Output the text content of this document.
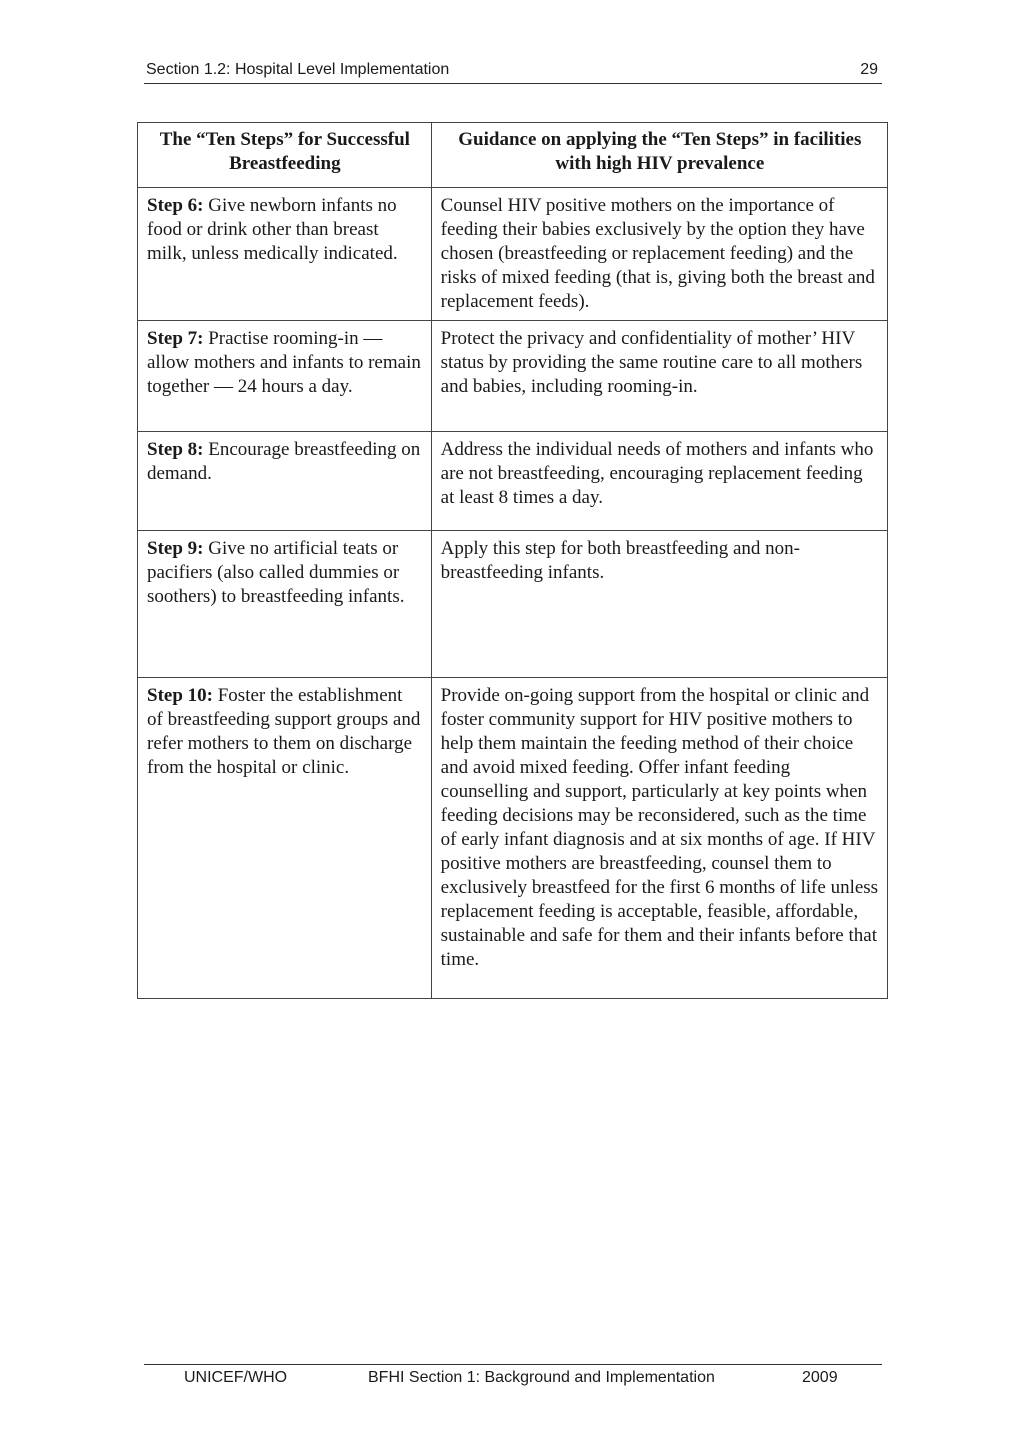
Section 1.2: Hospital Level Implementation	29
The “Ten Steps” for Successful Breastfeeding	Guidance on applying the “Ten Steps” in facilities with high HIV prevalence
Step 6: Give newborn infants no food or drink other than breast milk, unless medically indicated.	Counsel HIV positive mothers on the importance of feeding their babies exclusively by the option they have chosen (breastfeeding or replacement feeding) and the risks of mixed feeding (that is, giving both the breast and replacement feeds).
Step 7: Practise rooming-in — allow mothers and infants to remain together — 24 hours a day.	Protect the privacy and confidentiality of mother’ HIV status by providing the same routine care to all mothers and babies, including rooming-in.
Step 8: Encourage breastfeeding on demand.	Address the individual needs of mothers and infants who are not breastfeeding, encouraging replacement feeding at least 8 times a day.
Step 9: Give no artificial teats or pacifiers (also called dummies or soothers) to breastfeeding infants.	Apply this step for both breastfeeding and non-breastfeeding infants.
Step 10: Foster the establishment of breastfeeding support groups and refer mothers to them on discharge from the hospital or clinic.	Provide on-going support from the hospital or clinic and foster community support for HIV positive mothers to help them maintain the feeding method of their choice and avoid mixed feeding. Offer infant feeding counselling and support, particularly at key points when feeding decisions may be reconsidered, such as the time of early infant diagnosis and at six months of age. If HIV positive mothers are breastfeeding, counsel them to exclusively breastfeed for the first 6 months of life unless replacement feeding is acceptable, feasible, affordable, sustainable and safe for them and their infants before that time.
UNICEF/WHO	BFHI Section 1: Background and Implementation	2009
